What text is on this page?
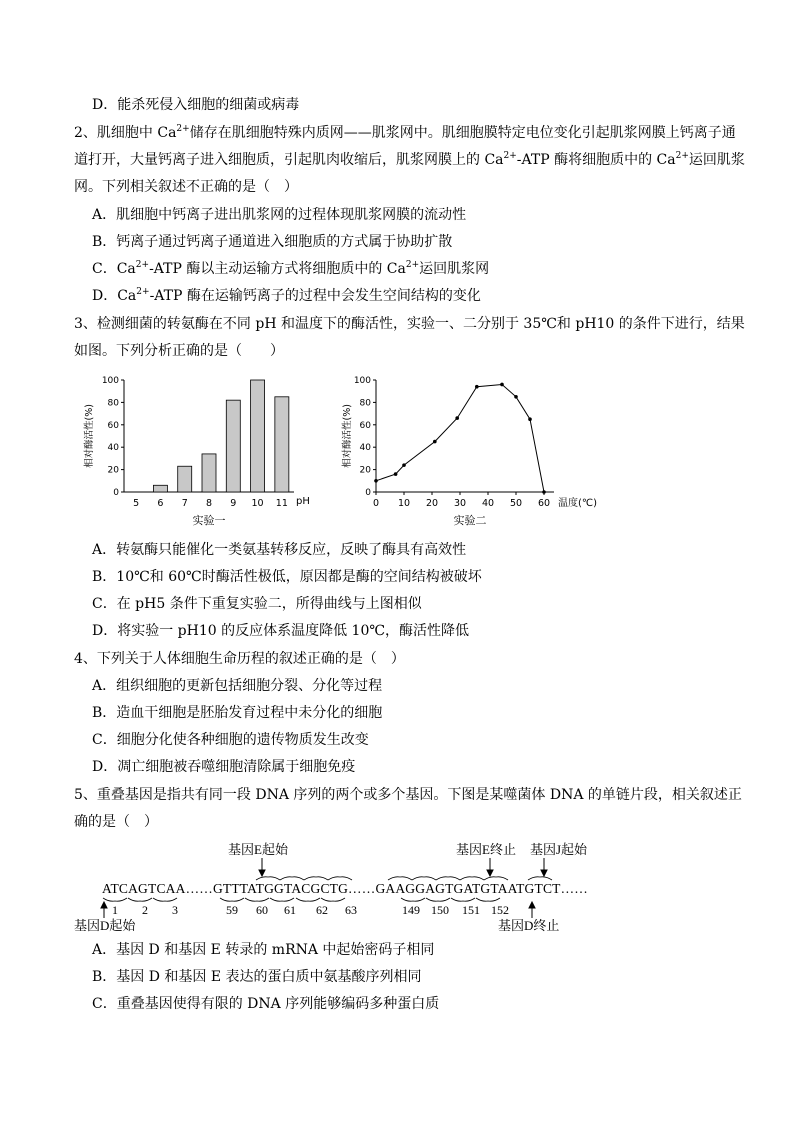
D．能杀死侵入细胞的细菌或病毒
2、肌细胞中 $Ca^{2+}$储存在肌细胞特殊内质网——肌浆网中。肌细胞膜特定电位变化引起肌浆网膜上钙离子通
道打开，大量钙离子进入细胞质，引起肌肉收缩后，肌浆网膜上的 $Ca^{2+}$-ATP 酶将细胞质中的 $Ca^{2+}$运回肌浆
网。下列相关叙述不正确的是（　）
A．肌细胞中钙离子进出肌浆网的过程体现肌浆网膜的流动性
B．钙离子通过钙离子通道进入细胞质的方式属于协助扩散
C．$Ca^{2+}$-ATP 酶以主动运输方式将细胞质中的 $Ca^{2+}$运回肌浆网
D．$Ca^{2+}$-ATP 酶在运输钙离子的过程中会发生空间结构的变化
3、检测细菌的转氨酶在不同 pH 和温度下的酶活性，实验一、二分别于 35℃和 pH10 的条件下进行，结果
如图。下列分析正确的是（　　）
0
20
40
60
80
100
5 6 7 8 9 10 11 pH
相对酶活性(%)
实验一
0
20
40
60
80
100
0 10 20 30 40 50 60 温度(℃)
相对酶活性(%)
实验二
A．转氨酶只能催化一类氨基转移反应，反映了酶具有高效性
B．10℃和 60℃时酶活性极低，原因都是酶的空间结构被破坏
C．在 pH5 条件下重复实验二，所得曲线与上图相似
D．将实验一 pH10 的反应体系温度降低 10℃，酶活性降低
4、下列关于人体细胞生命历程的叙述正确的是（　）
A．组织细胞的更新包括细胞分裂、分化等过程
B．造血干细胞是胚胎发育过程中未分化的细胞
C．细胞分化使各种细胞的遗传物质发生改变
D．凋亡细胞被吞噬细胞清除属于细胞免疫
5、重叠基因是指共有同一段 DNA 序列的两个或多个基因。下图是某噬菌体 DNA 的单链片段，相关叙述正
确的是（　）
基因E起始	基因E终止 基因J起始
ATCAGTCAA……GTTTATGGTACGCTG……GAAGGAGTGATGTAATGTCT……
1 2 3	59 60 61 62 63	149 150 151 152
基因D起始	基因D终止
A．基因 D 和基因 E 转录的 mRNA 中起始密码子相同
B．基因 D 和基因 E 表达的蛋白质中氨基酸序列相同
C．重叠基因使得有限的 DNA 序列能够编码多种蛋白质
